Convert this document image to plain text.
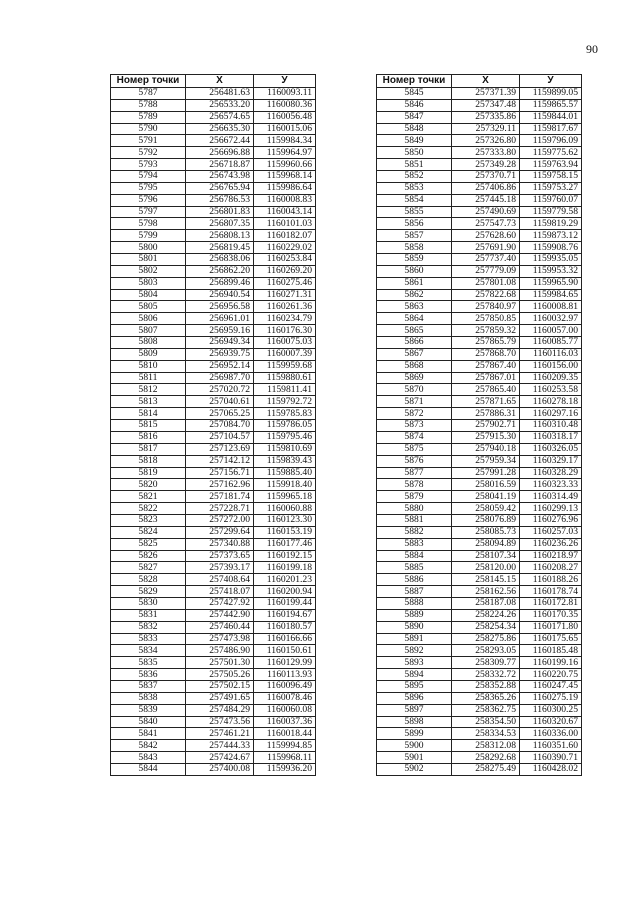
90
Номер точки	X	У
5787	256481.63	1160093.11
5788	256533.20	1160080.36
5789	256574.65	1160056.48
5790	256635.30	1160015.06
5791	256672.44	1159984.34
5792	256696.88	1159964.97
5793	256718.87	1159960.66
5794	256743.98	1159968.14
5795	256765.94	1159986.64
5796	256786.53	1160008.83
5797	256801.83	1160043.14
5798	256807.35	1160101.03
5799	256808.13	1160182.07
5800	256819.45	1160229.02
5801	256838.06	1160253.84
5802	256862.20	1160269.20
5803	256899.46	1160275.46
5804	256940.54	1160271.31
5805	256956.58	1160261.36
5806	256961.01	1160234.79
5807	256959.16	1160176.30
5808	256949.34	1160075.03
5809	256939.75	1160007.39
5810	256952.14	1159959.68
5811	256987.70	1159880.61
5812	257020.72	1159811.41
5813	257040.61	1159792.72
5814	257065.25	1159785.83
5815	257084.70	1159786.05
5816	257104.57	1159795.46
5817	257123.69	1159810.69
5818	257142.12	1159839.43
5819	257156.71	1159885.40
5820	257162.96	1159918.40
5821	257181.74	1159965.18
5822	257228.71	1160060.88
5823	257272.00	1160123.30
5824	257299.64	1160153.19
5825	257340.88	1160177.46
5826	257373.65	1160192.15
5827	257393.17	1160199.18
5828	257408.64	1160201.23
5829	257418.07	1160200.94
5830	257427.92	1160199.44
5831	257442.90	1160194.67
5832	257460.44	1160180.57
5833	257473.98	1160166.66
5834	257486.90	1160150.61
5835	257501.30	1160129.99
5836	257505.26	1160113.93
5837	257502.15	1160096.49
5838	257491.65	1160078.46
5839	257484.29	1160060.08
5840	257473.56	1160037.36
5841	257461.21	1160018.44
5842	257444.33	1159994.85
5843	257424.67	1159968.11
5844	257400.08	1159936.20
Номер точки	X	У
5845	257371.39	1159899.05
5846	257347.48	1159865.57
5847	257335.86	1159844.01
5848	257329.11	1159817.67
5849	257326.80	1159796.09
5850	257333.80	1159775.62
5851	257349.28	1159763.94
5852	257370.71	1159758.15
5853	257406.86	1159753.27
5854	257445.18	1159760.07
5855	257490.69	1159779.58
5856	257547.73	1159819.29
5857	257628.60	1159873.12
5858	257691.90	1159908.76
5859	257737.40	1159935.05
5860	257779.09	1159953.32
5861	257801.08	1159965.90
5862	257822.68	1159984.65
5863	257840.97	1160008.81
5864	257850.85	1160032.97
5865	257859.32	1160057.00
5866	257865.79	1160085.77
5867	257868.70	1160116.03
5868	257867.40	1160156.00
5869	257867.01	1160209.35
5870	257865.40	1160253.58
5871	257871.65	1160278.18
5872	257886.31	1160297.16
5873	257902.71	1160310.48
5874	257915.30	1160318.17
5875	257940.18	1160326.05
5876	257959.34	1160329.17
5877	257991.28	1160328.29
5878	258016.59	1160323.33
5879	258041.19	1160314.49
5880	258059.42	1160299.13
5881	258076.89	1160276.96
5882	258085.73	1160257.03
5883	258094.89	1160236.26
5884	258107.34	1160218.97
5885	258120.00	1160208.27
5886	258145.15	1160188.26
5887	258162.56	1160178.74
5888	258187.08	1160172.81
5889	258224.26	1160170.35
5890	258254.34	1160171.80
5891	258275.86	1160175.65
5892	258293.05	1160185.48
5893	258309.77	1160199.16
5894	258332.72	1160220.75
5895	258352.88	1160247.45
5896	258365.26	1160275.19
5897	258362.75	1160300.25
5898	258354.50	1160320.67
5899	258334.53	1160336.00
5900	258312.08	1160351.60
5901	258292.68	1160390.71
5902	258275.49	1160428.02
